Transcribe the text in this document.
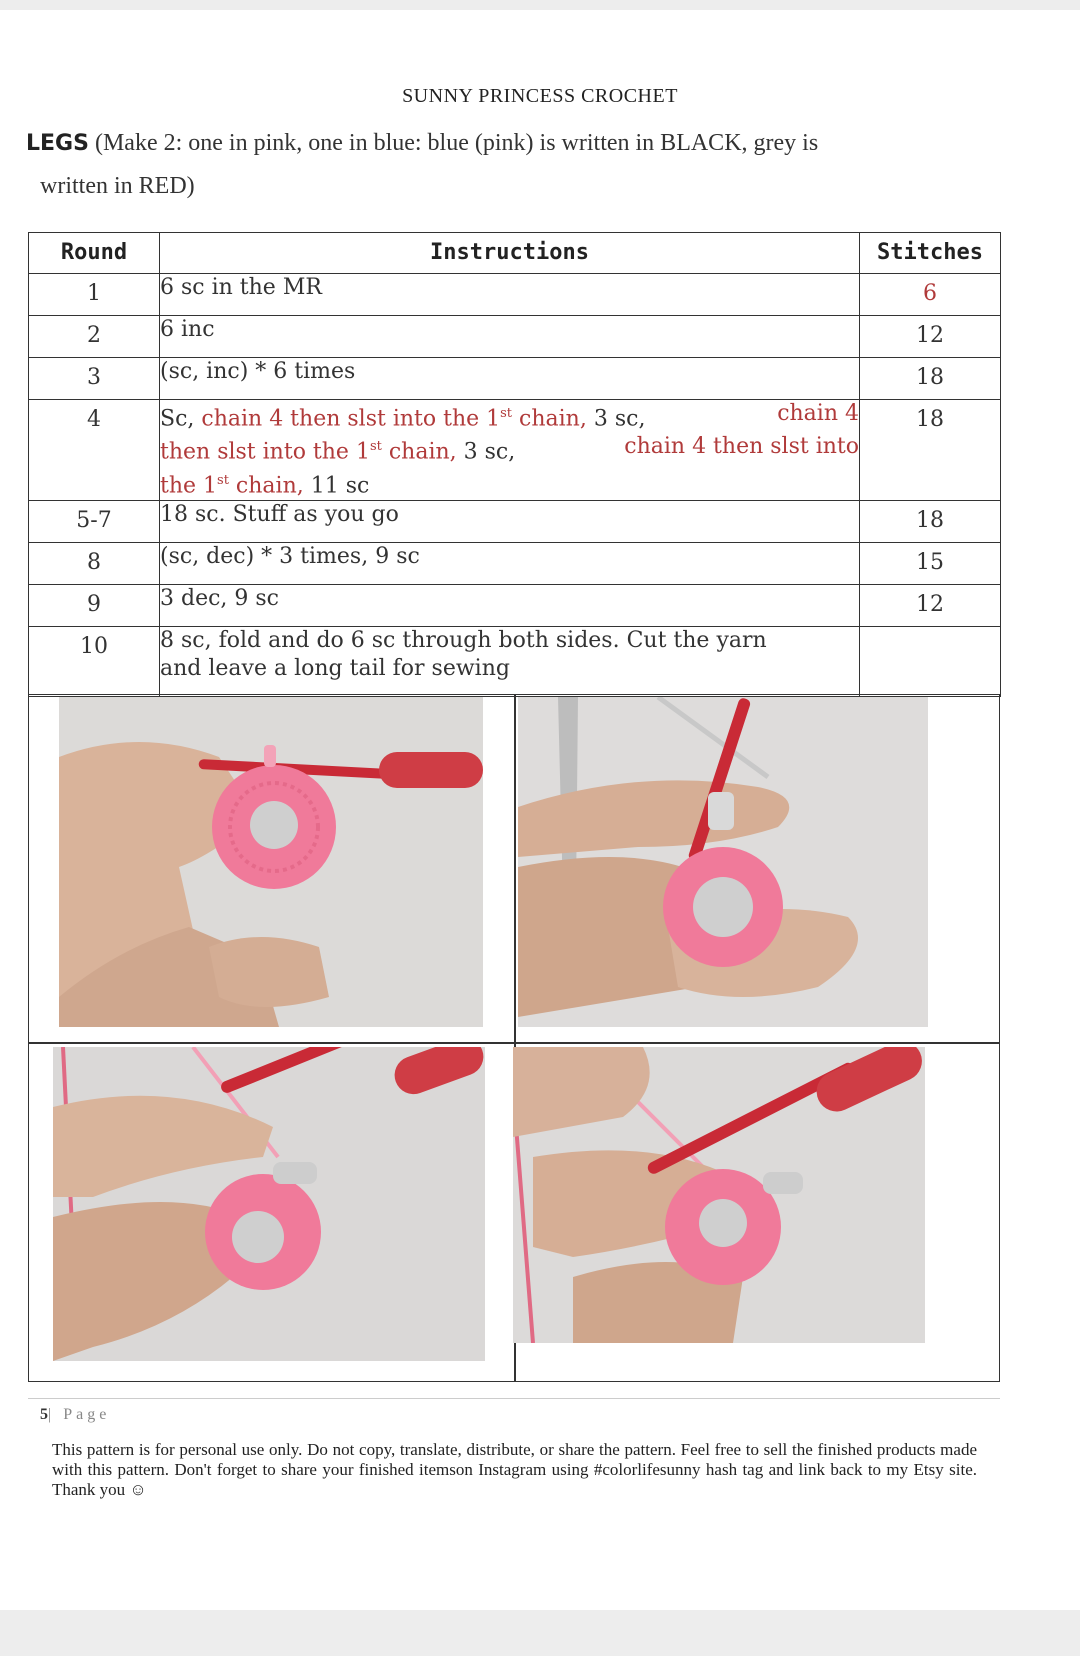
SUNNY PRINCESS CROCHET
LEGS (Make 2: one in pink, one in blue: blue (pink) is written in BLACK, grey is
written in RED)
Round	Instructions	Stitches
1	6 sc in the MR	6
2	6 inc	12
3	(sc, inc) * 6 times	18
4	Sc, chain 4 then slst into the 1st chain, 3 sc, chain 4
then slst into the 1st chain, 3 sc, chain 4 then slst into
the 1st chain, 11 sc	18
5-7	18 sc. Stuff as you go	18
8	(sc, dec) * 3 times, 9 sc	15
9	3 dec, 9 sc	12
10	8 sc, fold and do 6 sc through both sides. Cut the yarn
and leave a long tail for sewing	

5| Page
This pattern is for personal use only. Do not copy, translate, distribute, or share the pattern. Feel free to sell the finished products made with this pattern. Don't forget to share your finished itemson Instagram using #colorlifesunny hash tag and link back to my Etsy site. Thank you ☺
